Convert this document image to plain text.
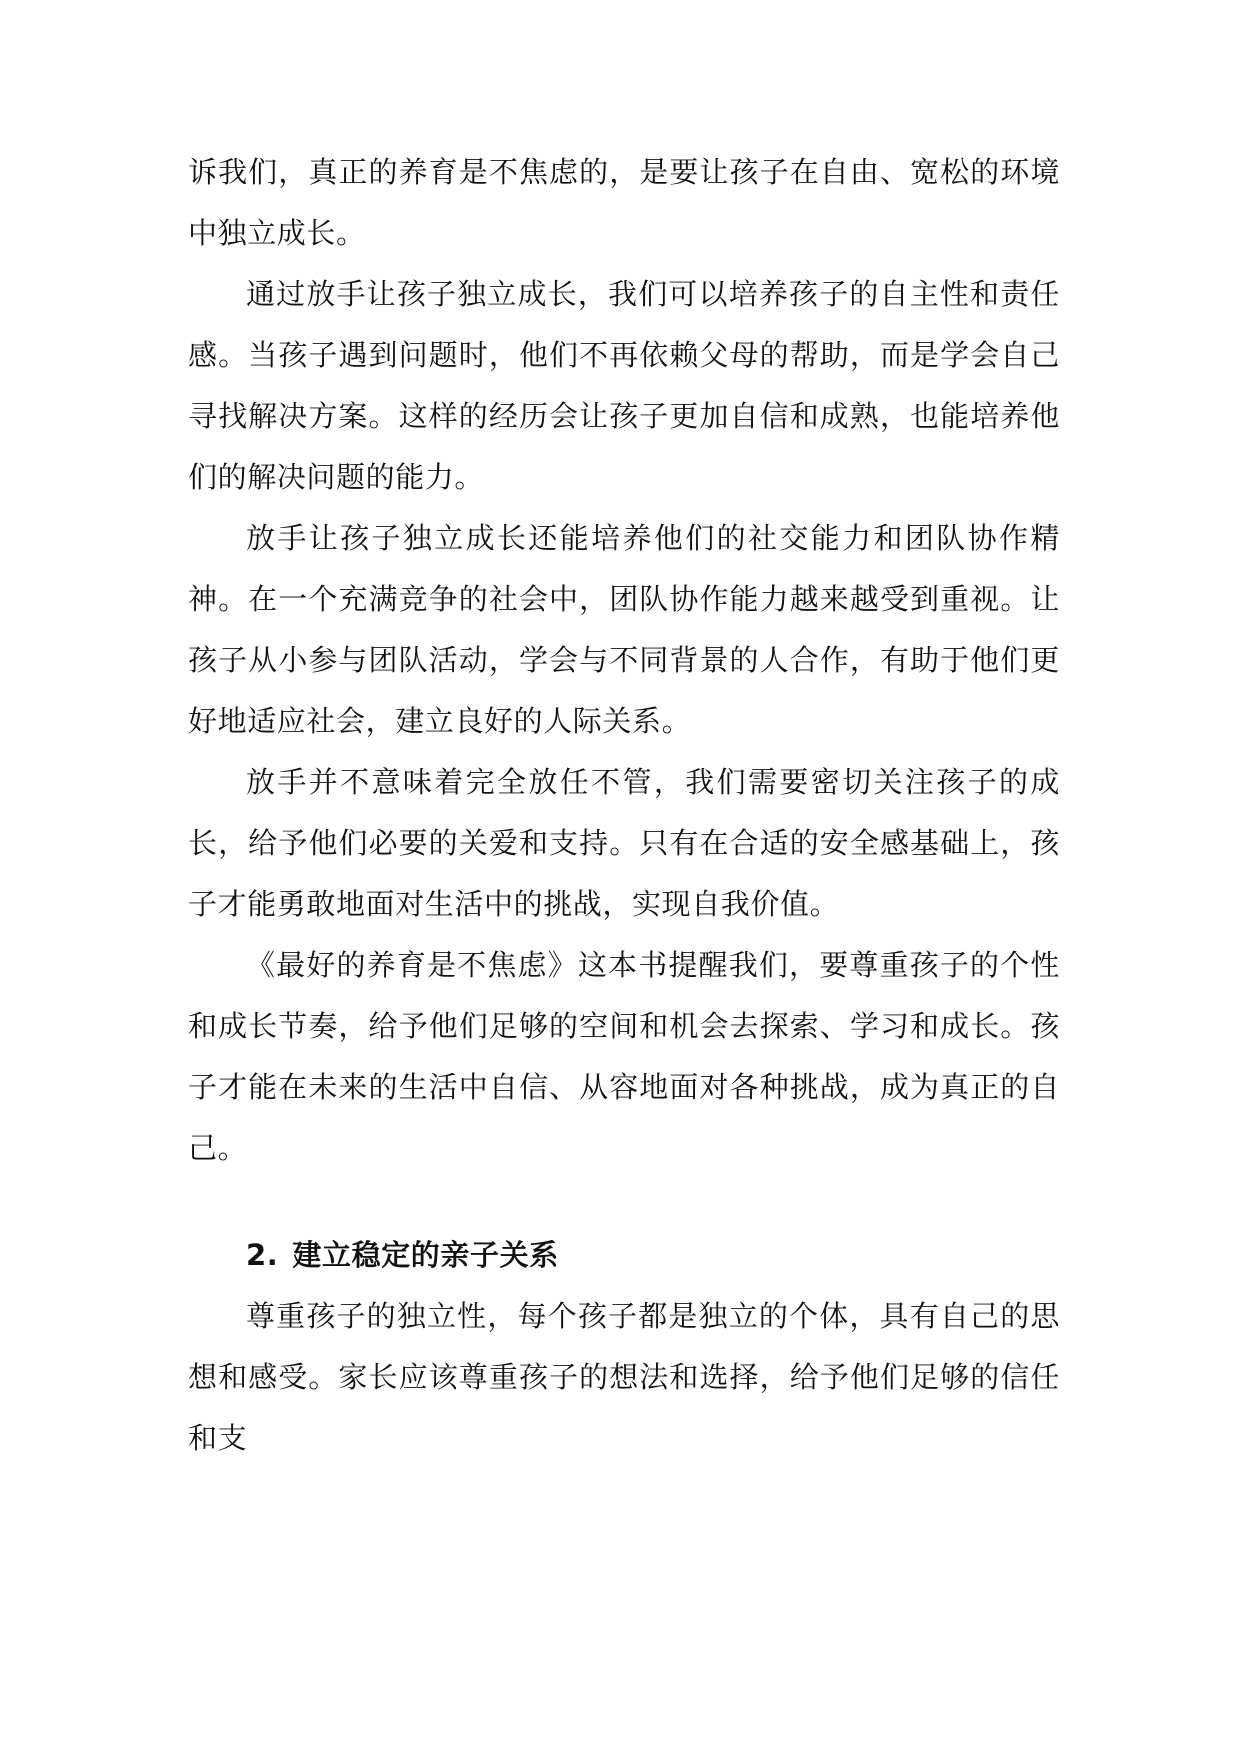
诉我们，真正的养育是不焦虑的，是要让孩子在自由、宽松的环境中独立成长。

通过放手让孩子独立成长，我们可以培养孩子的自主性和责任感。当孩子遇到问题时，他们不再依赖父母的帮助，而是学会自己寻找解决方案。这样的经历会让孩子更加自信和成熟，也能培养他们的解决问题的能力。

放手让孩子独立成长还能培养他们的社交能力和团队协作精神。在一个充满竞争的社会中，团队协作能力越来越受到重视。让孩子从小参与团队活动，学会与不同背景的人合作，有助于他们更好地适应社会，建立良好的人际关系。

放手并不意味着完全放任不管，我们需要密切关注孩子的成长，给予他们必要的关爱和支持。只有在合适的安全感基础上，孩子才能勇敢地面对生活中的挑战，实现自我价值。

《最好的养育是不焦虑》这本书提醒我们，要尊重孩子的个性和成长节奏，给予他们足够的空间和机会去探索、学习和成长。孩子才能在未来的生活中自信、从容地面对各种挑战，成为真正的自己。

2. 建立稳定的亲子关系

尊重孩子的独立性，每个孩子都是独立的个体，具有自己的思想和感受。家长应该尊重孩子的想法和选择，给予他们足够的信任和支
